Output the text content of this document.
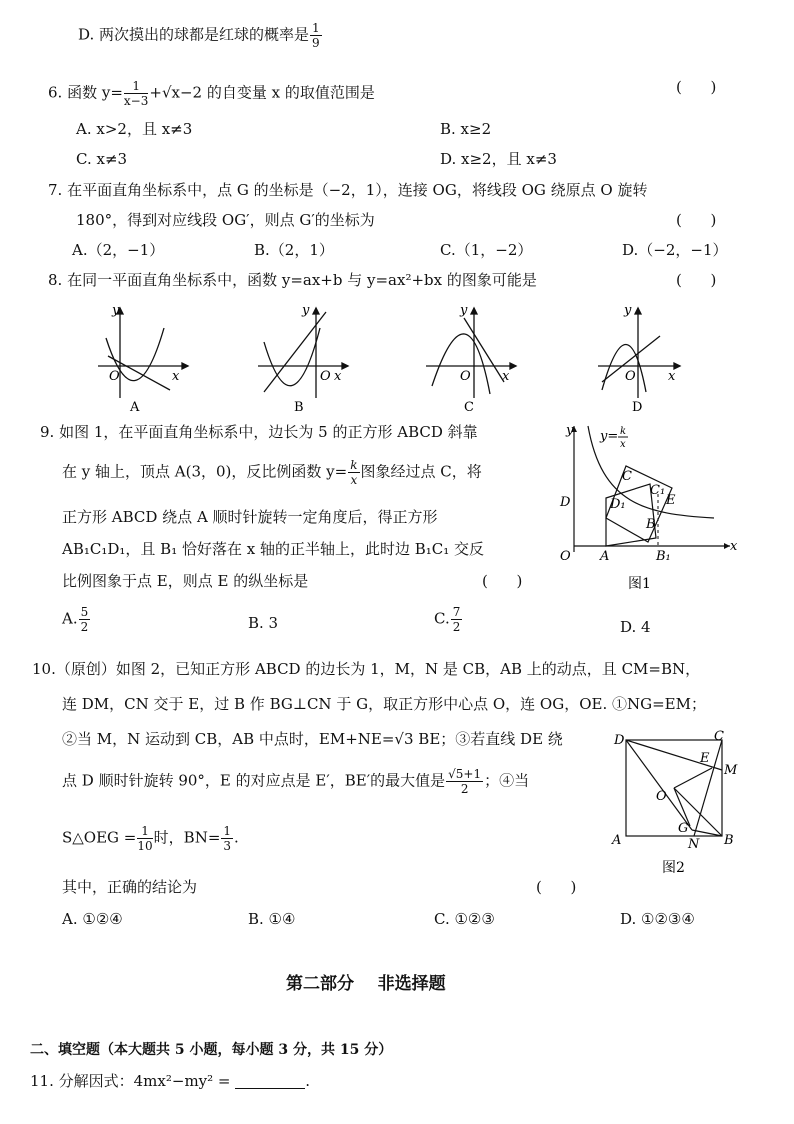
D. 两次摸出的球都是红球的概率是 $\frac{1}{9}$
6. 函数 $y= \frac{1}{x-3} +√x-2$ 的自变量 x 的取值范围是	(      )
A. x>2，且 x≠3	B. x≥2
C. x≠3	D. x≥2，且 x≠3
7. 在平面直角坐标系中，点 G 的坐标是（−2，1），连接 OG，将线段 OG 绕原点 O 旋转
180°，得到对应线段 OG′，则点 G′的坐标为	(      )
A.（2，−1）	B.（2，1）	C.（1，−2）	D.（−2，−1）
8. 在同一平面直角坐标系中，函数 y=ax+b 与 y=ax²+bx 的图象可能是	(      )
y
x
O
A
y
x
O
B
y
x
O
C
y
x
O
D
9. 如图 1，在平面直角坐标系中，边长为 5 的正方形 ABCD 斜靠
在 y 轴上，顶点 A(3，0)，反比例函数 $y= \frac{k}{x}$ 图象经过点 C，将
正方形 ABCD 绕点 A 顺时针旋转一定角度后，得正方形
AB₁C₁D₁，且 B₁ 恰好落在 x 轴的正半轴上，此时边 B₁C₁ 交反
比例图象于点 E，则点 E 的纵坐标是	(      )
A. $\frac{5}{2}$	B. 3	C. $\frac{7}{2}$	D. 4
y
x
y= k
x
O A
D
C
D₁
C₁
E
B
B₁
图1
10.（原创）如图 2，已知正方形 ABCD 的边长为 1，M，N 是 CB，AB 上的动点，且 CM=BN，
连 DM，CN 交于 E，过 B 作 BG⊥CN 于 G，取正方形中心点 O，连 OG，OE. ①NG=EM；
②当 M，N 运动到 CB，AB 中点时，EM+NE=√3 BE；③若直线 DE 绕
点 D 顺时针旋转 90°，E 的对应点是 E′，BE′的最大值是 $\frac{√5+1}{2}$ ；④当
S△OEG = $\frac{1}{10}$ 时，$BN= \frac{1}{3}$ .
其中，正确的结论为	(      )
A. ①②④	B. ①④	C. ①②③	D. ①②③④
D	C
E
M
O
G
A	N B
图2
第二部分    非选择题
二、填空题（本大题共 5 小题，每小题 3 分，共 15 分）
11. 分解因式：4mx²−my² =	.
